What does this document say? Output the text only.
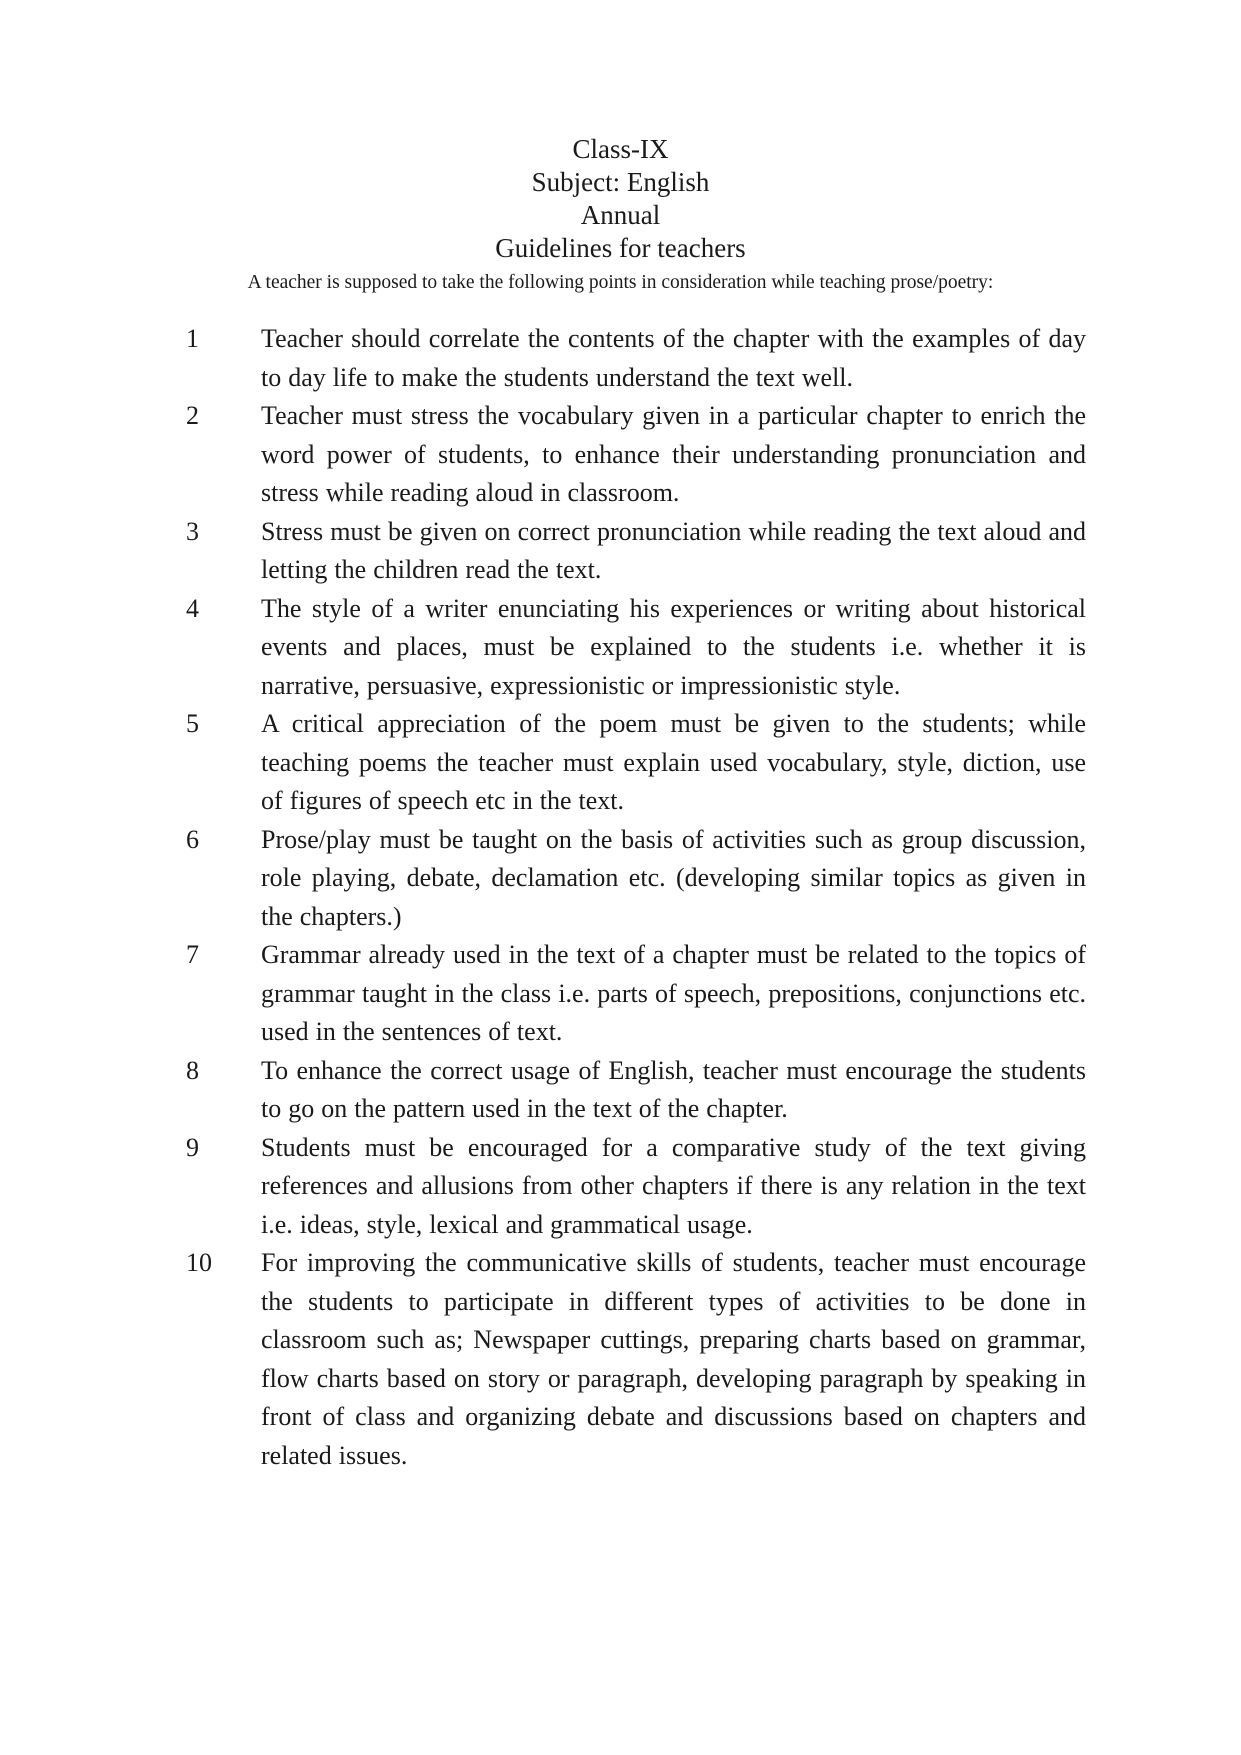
Class-IX
Subject: English
Annual
Guidelines for teachers
A teacher is supposed to take the following points in consideration while teaching prose/poetry:
1	Teacher should correlate the contents of the chapter with the examples of day to day life to make the students understand the text well.
2	Teacher must stress the vocabulary given in a particular chapter to enrich the word power of students, to enhance their understanding pronunciation and stress while reading aloud in classroom.
3	Stress must be given on correct pronunciation while reading the text aloud and letting the children read the text.
4	The style of a writer enunciating his experiences or writing about historical events and places, must be explained to the students i.e. whether it is narrative, persuasive, expressionistic or impressionistic style.
5	A critical appreciation of the poem must be given to the students; while teaching poems the teacher must explain used vocabulary, style, diction, use of figures of speech etc in the text.
6	Prose/play must be taught on the basis of activities such as group discussion, role playing, debate, declamation etc. (developing similar topics as given in the chapters.)
7	Grammar already used in the text of a chapter must be related to the topics of grammar taught in the class i.e. parts of speech, prepositions, conjunctions etc. used in the sentences of text.
8	To enhance the correct usage of English, teacher must encourage the students to go on the pattern used in the text of the chapter.
9	Students must be encouraged for a comparative study of the text giving references and allusions from other chapters if there is any relation in the text i.e. ideas, style, lexical and grammatical usage.
10	For improving the communicative skills of students, teacher must encourage the students to participate in different types of activities to be done in classroom such as; Newspaper cuttings, preparing charts based on grammar, flow charts based on story or paragraph, developing paragraph by speaking in front of class and organizing debate and discussions based on chapters and related issues.
